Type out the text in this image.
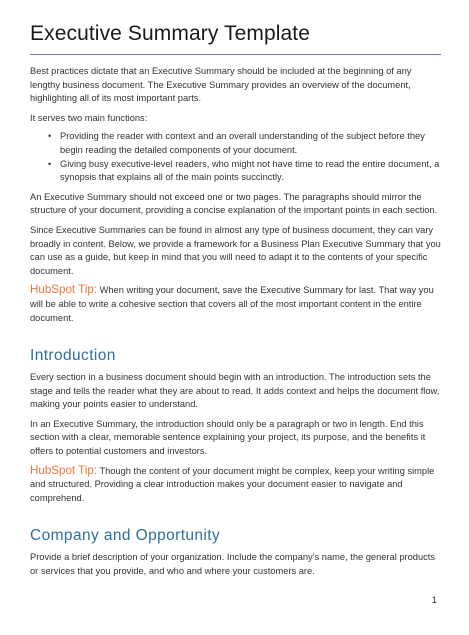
Executive Summary Template

Best practices dictate that an Executive Summary should be included at the beginning of any lengthy business document. The Executive Summary provides an overview of the document, highlighting all of its most important parts.

It serves two main functions:

• Providing the reader with context and an overall understanding of the subject before they begin reading the detailed components of your document.
• Giving busy executive-level readers, who might not have time to read the entire document, a synopsis that explains all of the main points succinctly.

An Executive Summary should not exceed one or two pages. The paragraphs should mirror the structure of your document, providing a concise explanation of the important points in each section.

Since Executive Summaries can be found in almost any type of business document, they can vary broadly in content. Below, we provide a framework for a Business Plan Executive Summary that you can use as a guide, but keep in mind that you will need to adapt it to the contents of your specific document.

HubSpot Tip: When writing your document, save the Executive Summary for last. That way you will be able to write a cohesive section that covers all of the most important content in the entire document.

Introduction

Every section in a business document should begin with an introduction. The introduction sets the stage and tells the reader what they are about to read. It adds context and helps the document flow, making your points easier to understand.

In an Executive Summary, the introduction should only be a paragraph or two in length. End this section with a clear, memorable sentence explaining your project, its purpose, and the benefits it offers to potential customers and investors.

HubSpot Tip: Though the content of your document might be complex, keep your writing simple and structured. Providing a clear introduction makes your document easier to navigate and comprehend.

Company and Opportunity

Provide a brief description of your organization. Include the company’s name, the general products or services that you provide, and who and where your customers are.

1
